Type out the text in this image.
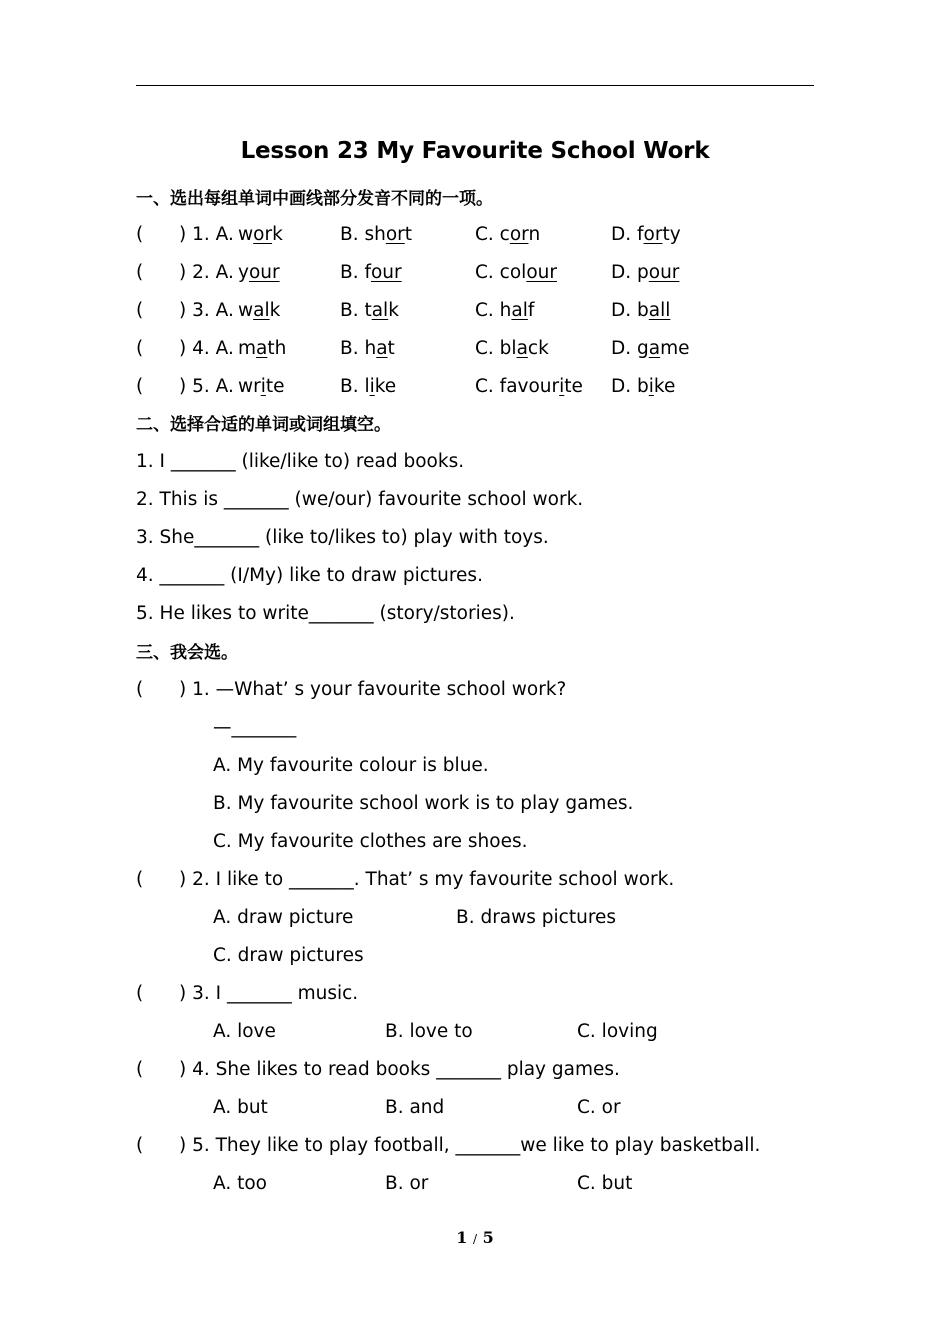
Lesson 23 My Favourite School Work
一、选出每组单词中画线部分发音不同的一项。
( ) 1. A. work	B. short	C. corn	D. forty
( ) 2. A. your	B. four	C. colour	D. pour
( ) 3. A. walk	B. talk	C. half	D. ball
( ) 4. A. math	B. hat	C. black	D. game
( ) 5. A. write	B. like	C. favourite D. bike
二、选择合适的单词或词组填空。
1. I _______ (like/like to) read books.
2. This is _______ (we/our) favourite school work.
3. She_______ (like to/likes to) play with toys.
4. _______ (I/My) like to draw pictures.
5. He likes to write_______ (story/stories).
三、我会选。
( ) 1. —What’ s your favourite school work?
—_______
A. My favourite colour is blue.
B. My favourite school work is to play games.
C. My favourite clothes are shoes.
( ) 2. I like to _______. That’ s my favourite school work.
A. draw picture	B. draws pictures
C. draw pictures
( ) 3. I _______ music.
A. love	B. love to	C. loving
( ) 4. She likes to read books _______ play games.
A. but	B. and	C. or
( ) 5. They like to play football, _______we like to play basketball.
A. too	B. or	C. but
1 / 5
